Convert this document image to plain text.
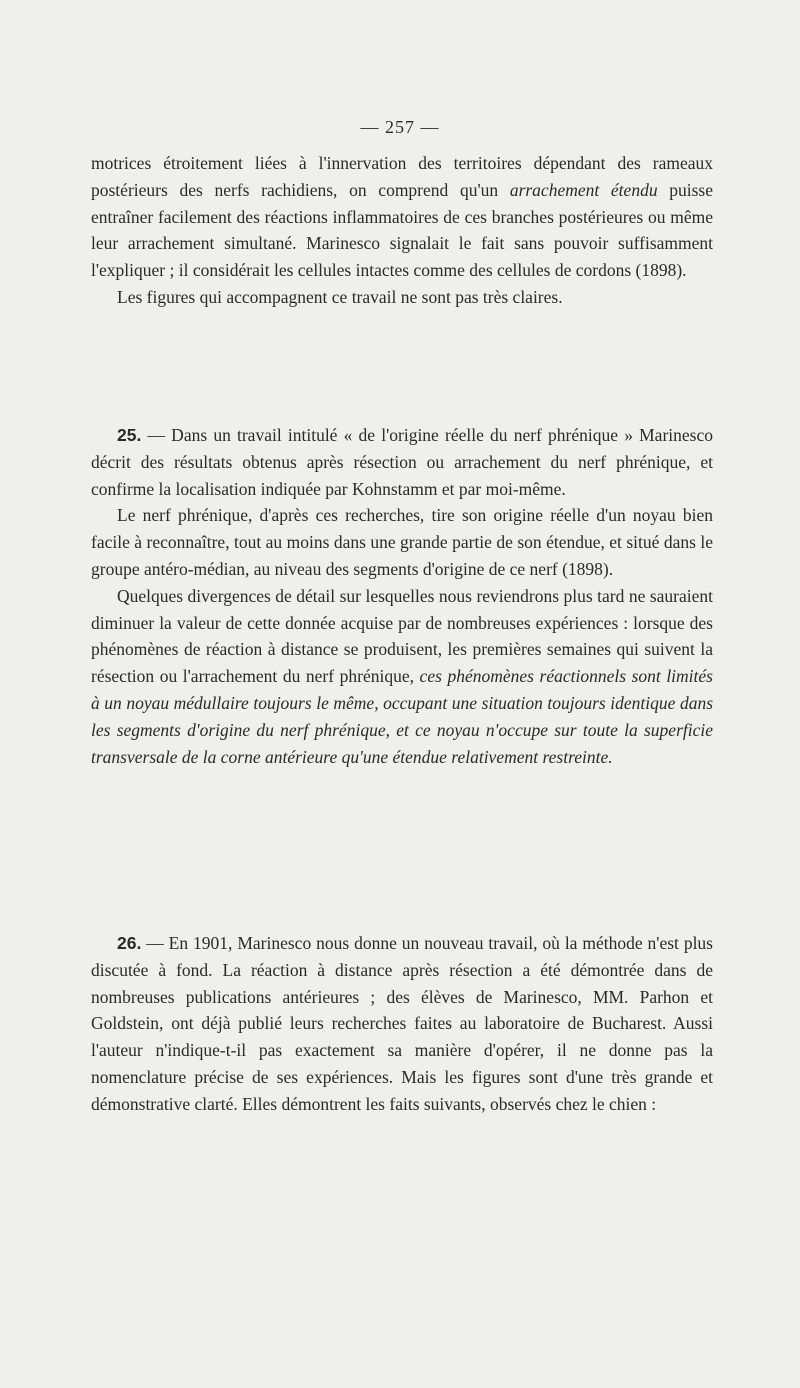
— 257 —

motrices étroitement liées à l'innervation des territoires dépendant des rameaux postérieurs des nerfs rachidiens, on comprend qu'un arrachement étendu puisse entraîner facilement des réactions inflammatoires de ces branches postérieures ou même leur arrachement simultané. Marinesco signalait le fait sans pouvoir suffisamment l'expliquer ; il considérait les cellules intactes comme des cellules de cordons (1898).

Les figures qui accompagnent ce travail ne sont pas très claires.

25. — Dans un travail intitulé « de l'origine réelle du nerf phrénique » Marinesco décrit des résultats obtenus après résection ou arrachement du nerf phrénique, et confirme la localisation indiquée par Kohnstamm et par moi-même.

Le nerf phrénique, d'après ces recherches, tire son origine réelle d'un noyau bien facile à reconnaître, tout au moins dans une grande partie de son étendue, et situé dans le groupe antéro-médian, au niveau des segments d'origine de ce nerf (1898).

Quelques divergences de détail sur lesquelles nous reviendrons plus tard ne sauraient diminuer la valeur de cette donnée acquise par de nombreuses expériences : lorsque des phénomènes de réaction à distance se produisent, les premières semaines qui suivent la résection ou l'arrachement du nerf phrénique, ces phénomènes réactionnels sont limités à un noyau médullaire toujours le même, occupant une situation toujours identique dans les segments d'origine du nerf phrénique, et ce noyau n'occupe sur toute la superficie transversale de la corne antérieure qu'une étendue relativement restreinte.

26. — En 1901, Marinesco nous donne un nouveau travail, où la méthode n'est plus discutée à fond. La réaction à distance après résection a été démontrée dans de nombreuses publications antérieures ; des élèves de Marinesco, MM. Parhon et Goldstein, ont déjà publié leurs recherches faites au laboratoire de Bucharest. Aussi l'auteur n'indique-t-il pas exactement sa manière d'opérer, il ne donne pas la nomenclature précise de ses expériences. Mais les figures sont d'une très grande et démonstrative clarté. Elles démontrent les faits suivants, observés chez le chien :
